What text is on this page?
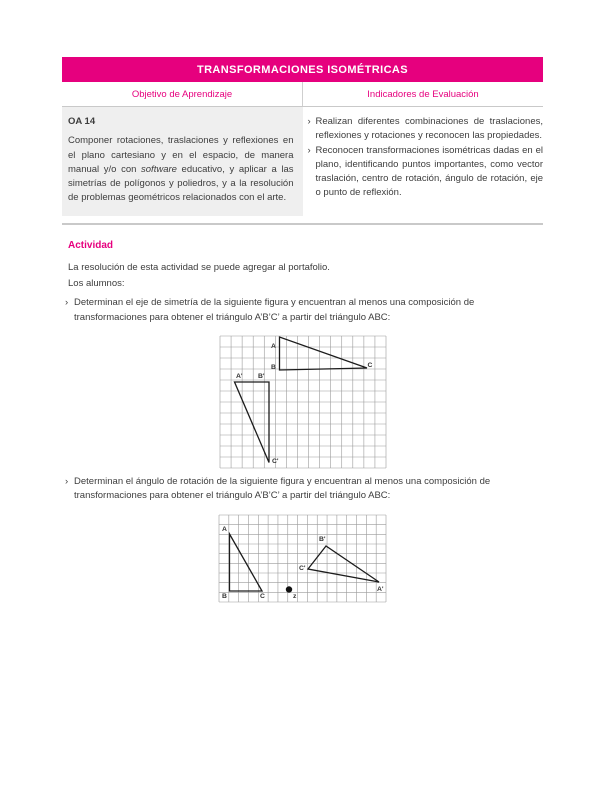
TRANSFORMACIONES ISOMÉTRICAS
Objetivo de Aprendizaje	Indicadores de Evaluación

OA 14

Componer rotaciones, traslaciones y reflexiones en el plano cartesiano y en el espacio, de manera manual y/o con software educativo, y aplicar a las simetrías de polígonos y poliedros, y a la resolución de problemas geométricos relacionados con el arte.

› Realizan diferentes combinaciones de traslaciones, reflexiones y rotaciones y reconocen las propiedades.
› Reconocen transformaciones isométricas dadas en el plano, identificando puntos importantes, como vector traslación, centro de rotación, ángulo de rotación, eje o punto de reflexión.
Actividad

La resolución de esta actividad se puede agregar al portafolio.

Los alumnos:

› Determinan el eje de simetría de la siguiente figura y encuentran al menos una composición de transformaciones para obtener el triángulo A’B’C’ a partir del triángulo ABC:
A
B	C
A' B'
C'
› Determinan el ángulo de rotación de la siguiente figura y encuentran al menos una composición de transformaciones para obtener el triángulo A’B’C’ a partir del triángulo ABC:
A
B	C
B'
C'
A'
z
